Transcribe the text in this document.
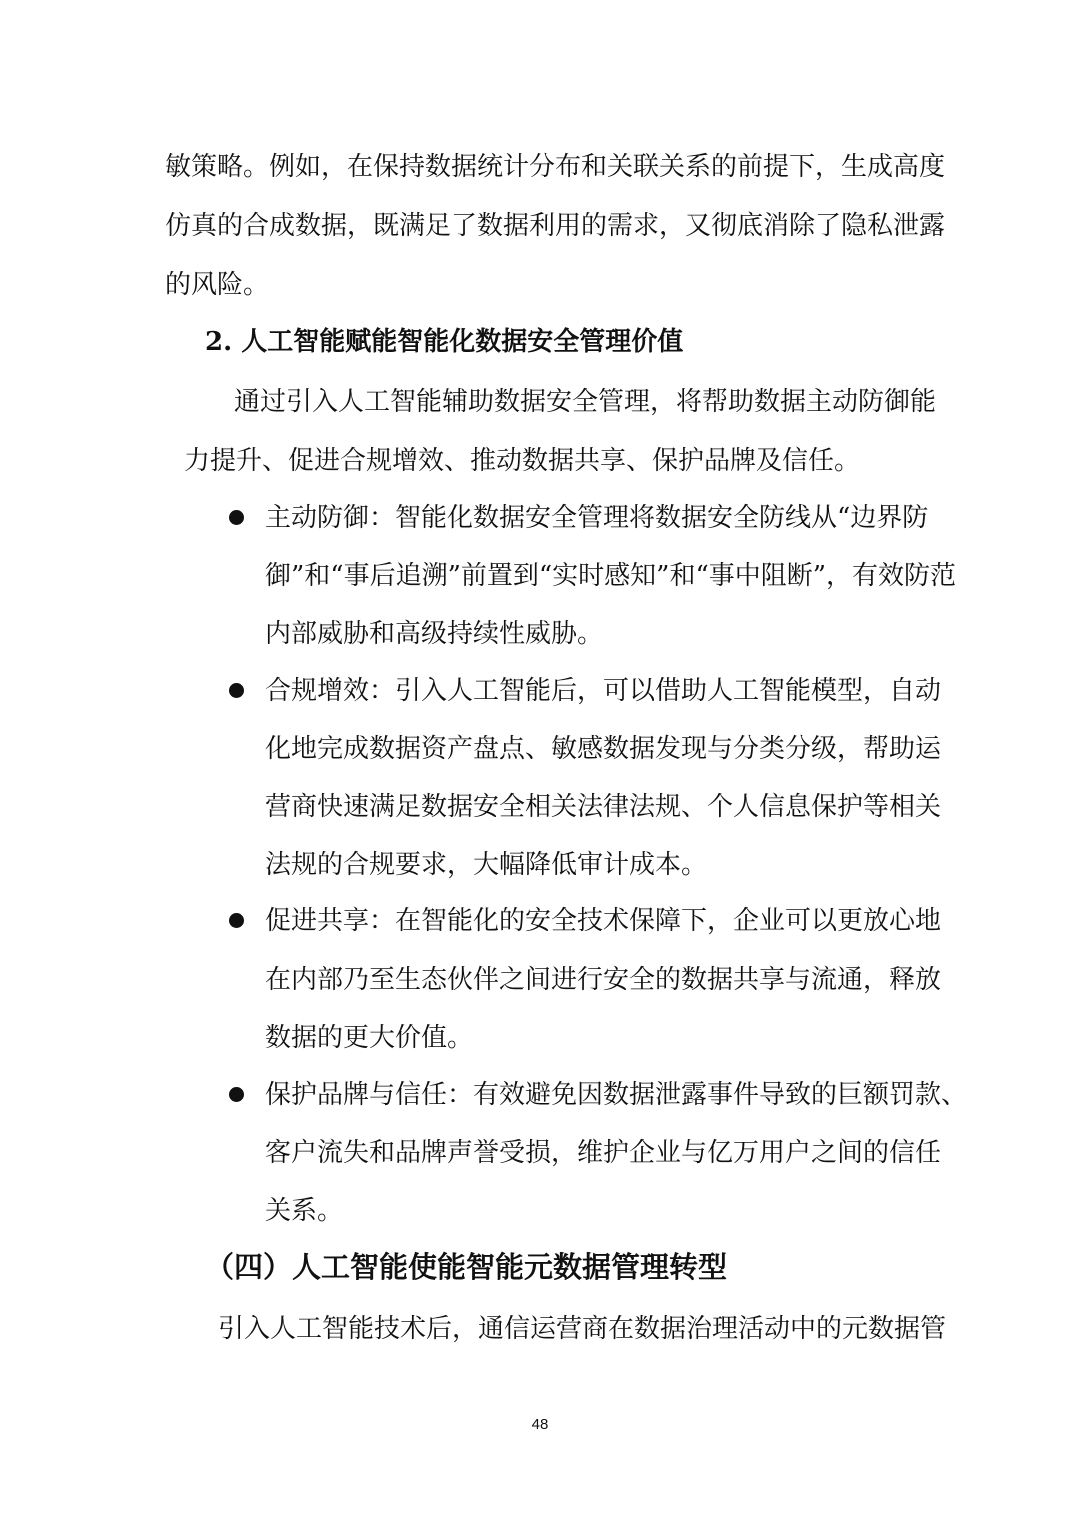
敏策略。例如，在保持数据统计分布和关联关系的前提下，生成高度
仿真的合成数据，既满足了数据利用的需求，又彻底消除了隐私泄露
的风险。
2. 人工智能赋能智能化数据安全管理价值
通过引入人工智能辅助数据安全管理，将帮助数据主动防御能
力提升、促进合规增效、推动数据共享、保护品牌及信任。
主动防御：智能化数据安全管理将数据安全防线从“边界防
御”和“事后追溯”前置到“实时感知”和“事中阻断”，有效防范
内部威胁和高级持续性威胁。
合规增效：引入人工智能后，可以借助人工智能模型，自动
化地完成数据资产盘点、敏感数据发现与分类分级，帮助运
营商快速满足数据安全相关法律法规、个人信息保护等相关
法规的合规要求，大幅降低审计成本。
促进共享：在智能化的安全技术保障下，企业可以更放心地
在内部乃至生态伙伴之间进行安全的数据共享与流通，释放
数据的更大价值。
保护品牌与信任：有效避免因数据泄露事件导致的巨额罚款、
客户流失和品牌声誉受损，维护企业与亿万用户之间的信任
关系。
（四）人工智能使能智能元数据管理转型
引入人工智能技术后，通信运营商在数据治理活动中的元数据管
48
